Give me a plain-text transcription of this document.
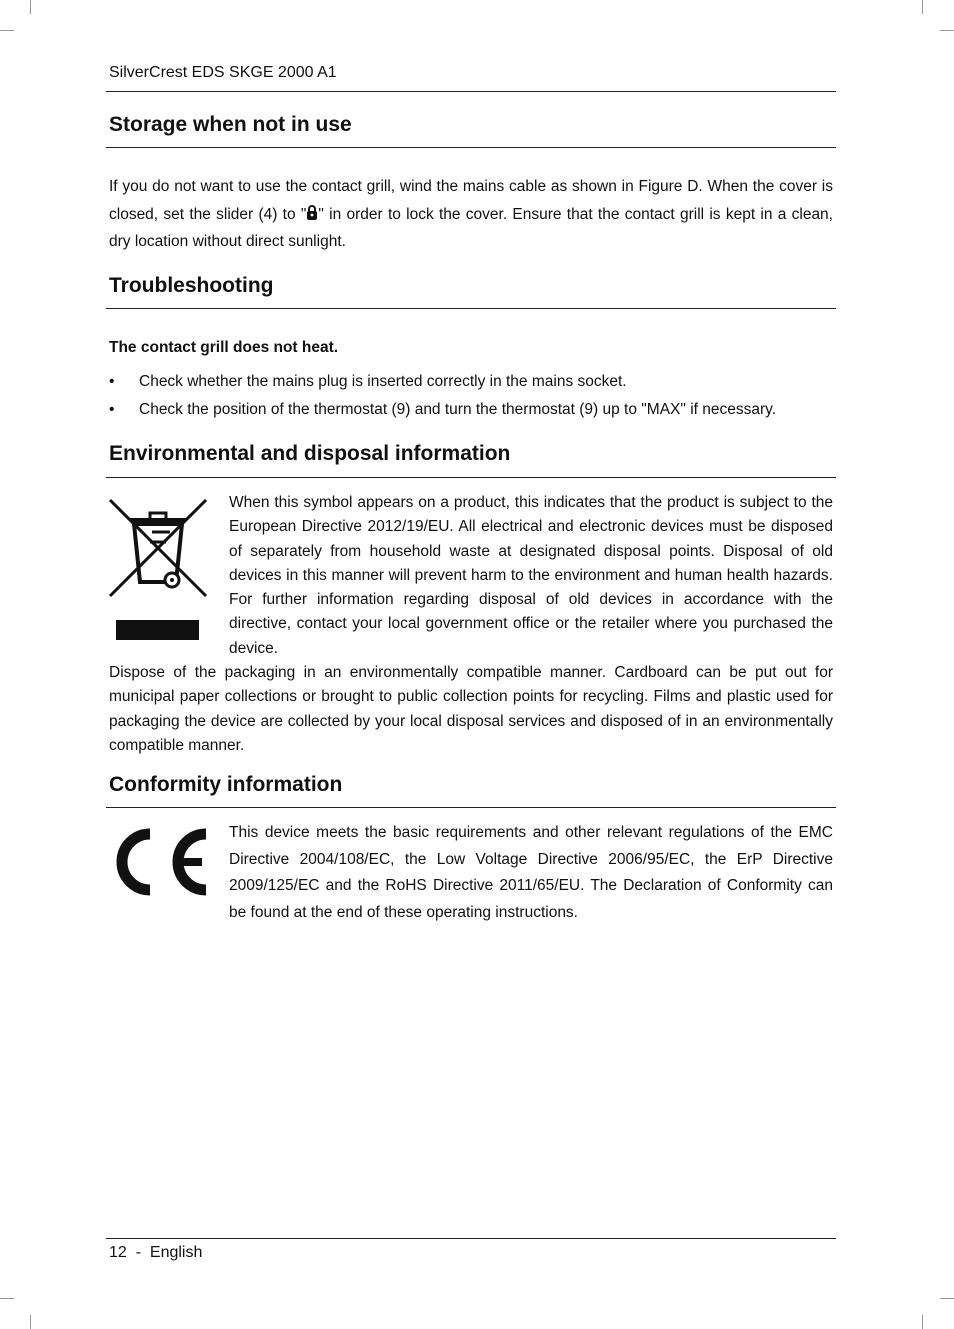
SilverCrest EDS SKGE 2000 A1
Storage when not in use
If you do not want to use the contact grill, wind the mains cable as shown in Figure D. When the cover is closed, set the slider (4) to " " in order to lock the cover. Ensure that the contact grill is kept in a clean, dry location without direct sunlight.
Troubleshooting
The contact grill does not heat.
•	Check whether the mains plug is inserted correctly in the mains socket.
•	Check the position of the thermostat (9) and turn the thermostat (9) up to "MAX" if necessary.
Environmental and disposal information
When this symbol appears on a product, this indicates that the product is subject to the European Directive 2012/19/EU. All electrical and electronic devices must be disposed of separately from household waste at designated disposal points. Disposal of old devices in this manner will prevent harm to the environment and human health hazards. For further information regarding disposal of old devices in accordance with the directive, contact your local government office or the retailer where you purchased the device.
Dispose of the packaging in an environmentally compatible manner. Cardboard can be put out for municipal paper collections or brought to public collection points for recycling. Films and plastic used for packaging the device are collected by your local disposal services and disposed of in an environmentally compatible manner.
Conformity information
This device meets the basic requirements and other relevant regulations of the EMC Directive 2004/108/EC, the Low Voltage Directive 2006/95/EC, the ErP Directive 2009/125/EC and the RoHS Directive 2011/65/EU. The Declaration of Conformity can be found at the end of these operating instructions.
12 - English
